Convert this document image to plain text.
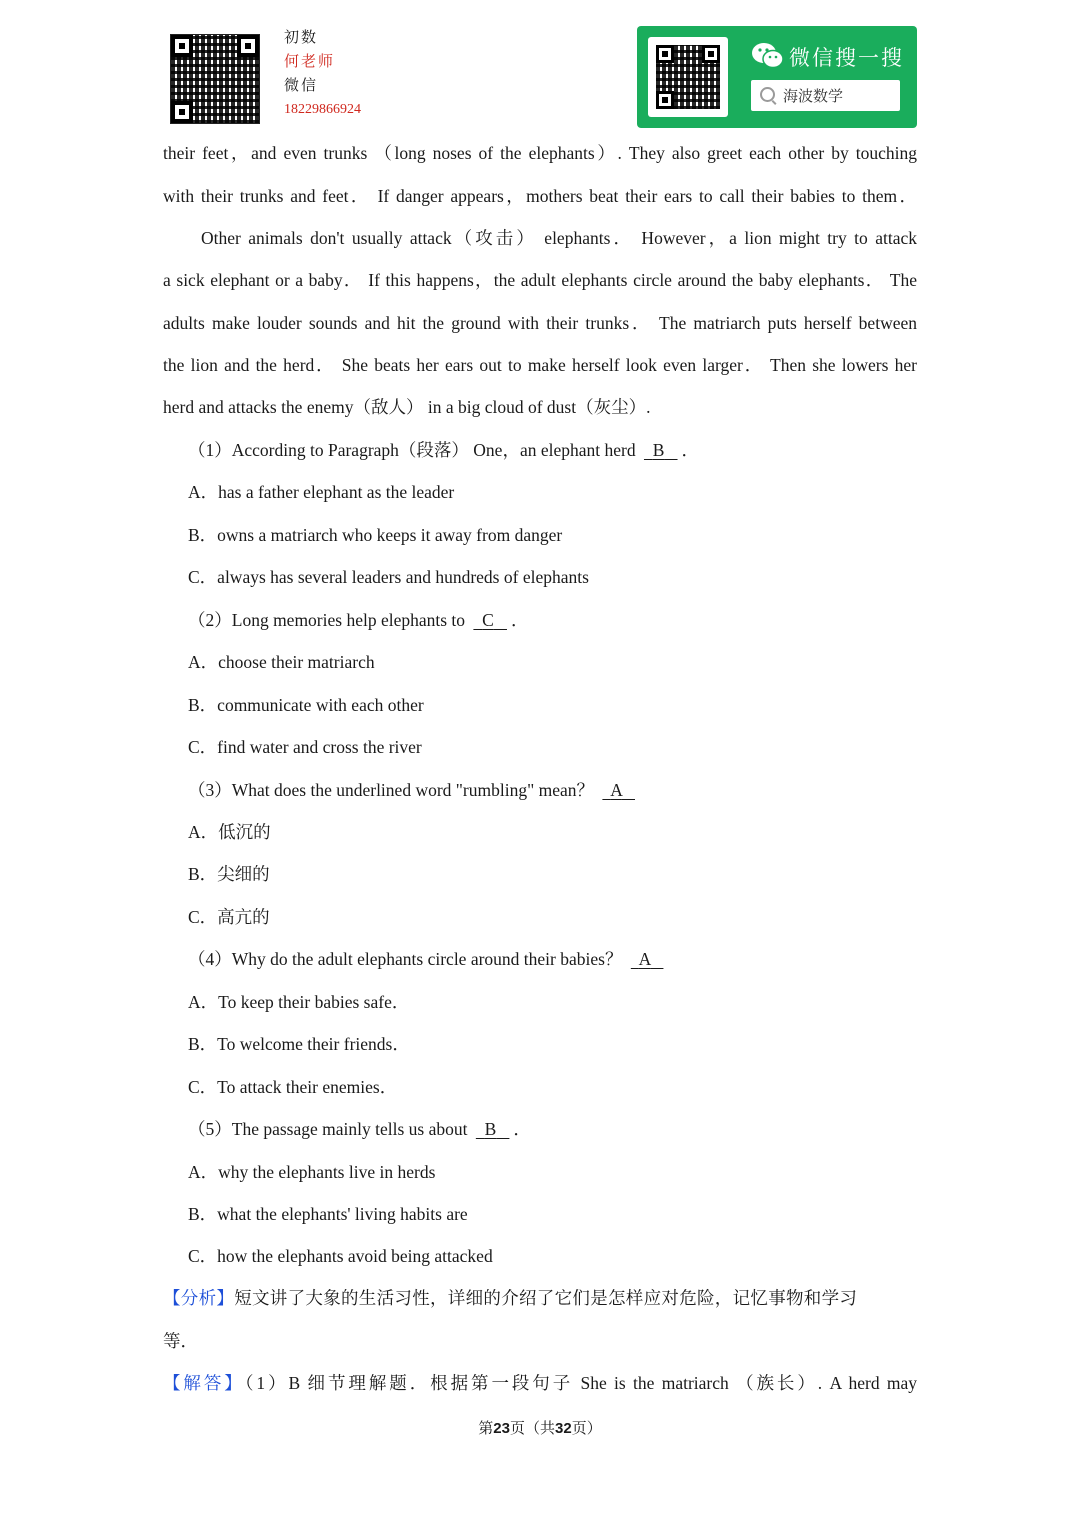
初数
何老师
微信
18229866924
微信搜一搜
海波数学
their feet，and even trunks （long noses of the elephants）. They also greet each other by touching
with their trunks and feet． If danger appears，mothers beat their ears to call their babies to them．
Other animals don't usually attack（攻击） elephants． However，a lion might try to attack
a sick elephant or a baby． If this happens，the adult elephants circle around the baby elephants． The
adults make louder sounds and hit the ground with their trunks． The matriarch puts herself between
the lion and the herd． She beats her ears out to make herself look even larger． Then she lowers her
herd and attacks the enemy（敌人） in a big cloud of dust（灰尘）.
（1）According to Paragraph（段落） One，an elephant herd B ．
A．has a father elephant as the leader
B．owns a matriarch who keeps it away from danger
C．always has several leaders and hundreds of elephants
（2）Long memories help elephants to C ．
A．choose their matriarch
B．communicate with each other
C．find water and cross the river
（3）What does the underlined word "rumbling" mean？ A
A．低沉的
B．尖细的
C．高亢的
（4）Why do the adult elephants circle around their babies？ A
A．To keep their babies safe．
B．To welcome their friends．
C．To attack their enemies．
（5）The passage mainly tells us about B ．
A．why the elephants live in herds
B．what the elephants' living habits are
C．how the elephants avoid being attacked
【分析】短文讲了大象的生活习性，详细的介绍了它们是怎样应对危险，记忆事物和学习
等．
【解答】（1）B 细节理解题．根据第一段句子 She is the matriarch （族长）. A herd may
第23页（共32页）
